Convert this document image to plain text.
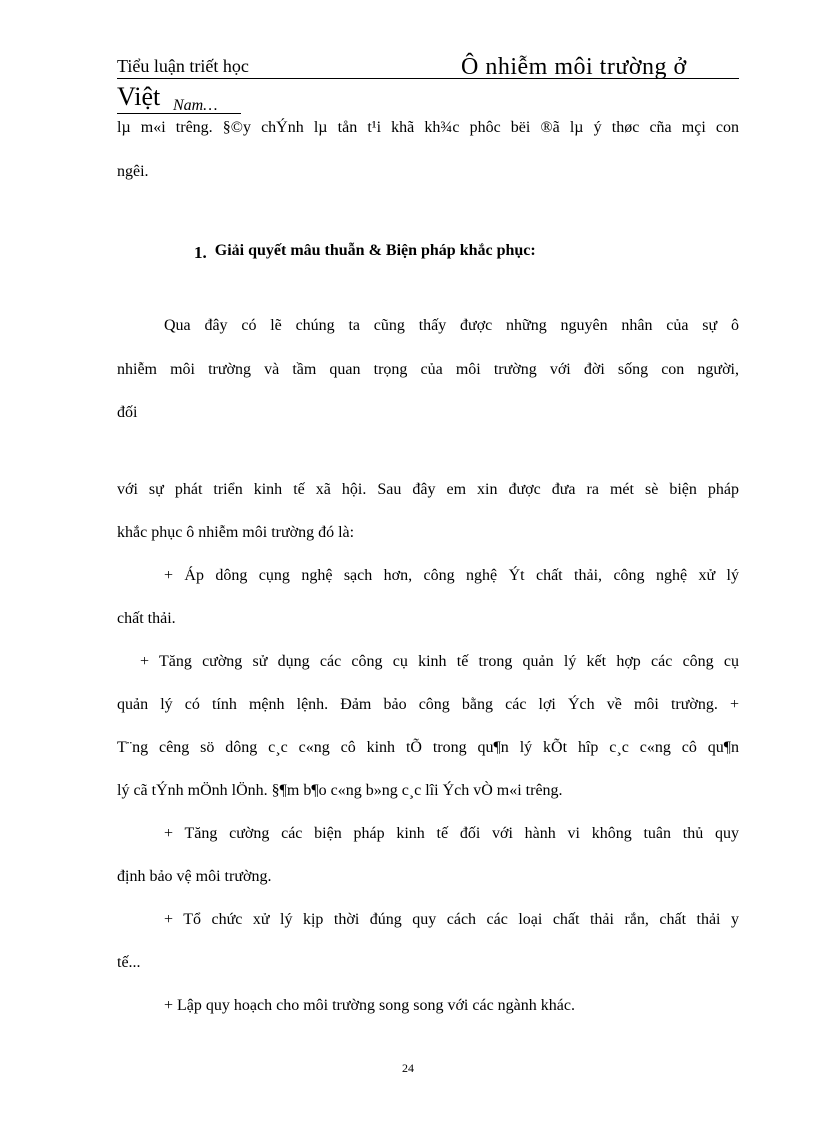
Tiểu luận triết học	Ô nhiễm môi trường ở
Việt Nam…
lµ m«i trêng. §©y chÝnh lµ tån t¹i khã kh¾c phôc bëi ®ã lµ ý thøc cña mçi con
ngêi.
1. Giải quyết mâu thuẫn & Biện pháp khắc phục:
Qua đây có lẽ chúng ta cũng thấy được những nguyên nhân của sự ô
nhiễm môi trường và tầm quan trọng của môi trường với đời sống con người,
đối
với sự phát triển kinh tế xã hội. Sau đây em xin được đưa ra mét sè biện pháp
khắc phục ô nhiễm môi trường đó là:
+ Áp dông cụng nghệ sạch hơn, công nghệ Ýt chất thải, công nghệ xử lý
chất thải.
+ Tăng cường sử dụng các công cụ kinh tế trong quản lý kết hợp các công cụ
quản lý có tính mệnh lệnh. Đảm bảo công bằng các lợi Ých về môi trường. +
T¨ng cêng sö dông c¸c c«ng cô kinh tÕ trong qu¶n lý kÕt hîp c¸c c«ng cô qu¶n
lý cã tÝnh mÖnh lÖnh. §¶m b¶o c«ng b»ng c¸c lîi Ých vÒ m«i trêng.
+ Tăng cường các biện pháp kinh tế đối với hành vi không tuân thủ quy
định bảo vệ môi trường.
+ Tổ chức xử lý kịp thời đúng quy cách các loại chất thải rắn, chất thải y
tế...
+ Lập quy hoạch cho môi trường song song với các ngành khác.
24
